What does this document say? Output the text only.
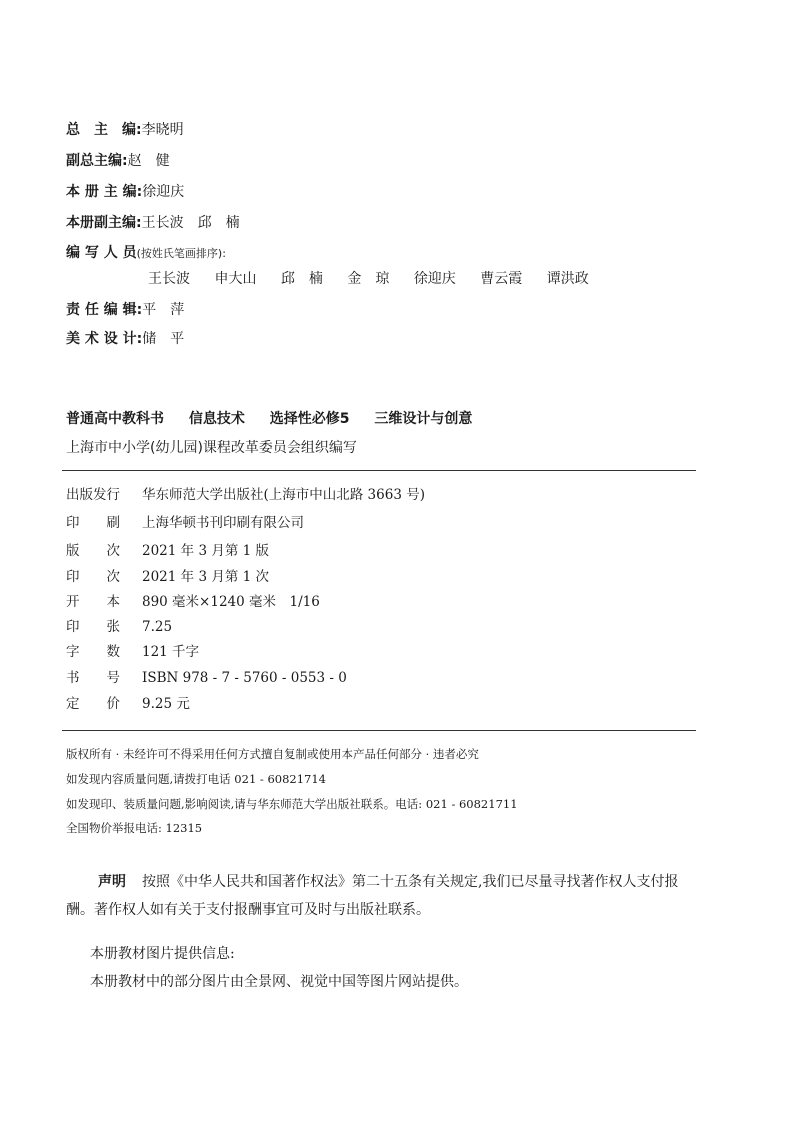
总　主　编:李晓明
副总主编:赵　健
本 册 主 编:徐迎庆
本册副主编:王长波　邱　楠
编 写 人 员(按姓氏笔画排序):
王长波 申大山 邱　楠 金　琼 徐迎庆 曹云霞 谭洪政
责 任 编 辑:平　萍
美 术 设 计:储　平
普通高中教科书 信息技术 选择性必修5 三维设计与创意
上海市中小学(幼儿园)课程改革委员会组织编写
出版发行 华东师范大学出版社(上海市中山北路 3663 号)
印　　刷 上海华顿书刊印刷有限公司
版　　次 2021 年 3 月第 1 版
印　　次 2021 年 3 月第 1 次
开　　本 890 毫米×1240 毫米　1/16
印　　张 7.25
字　　数 121 千字
书　　号 ISBN 978 - 7 - 5760 - 0553 - 0
定　　价 9.25 元
版权所有 · 未经许可不得采用任何方式擅自复制或使用本产品任何部分 · 违者必究
如发现内容质量问题,请拨打电话 021 - 60821714
如发现印、装质量问题,影响阅读,请与华东师范大学出版社联系。电话: 021 - 60821711
全国物价举报电话: 12315
声明 按照《中华人民共和国著作权法》第二十五条有关规定,我们已尽量寻找著作权人支付报酬。著作权人如有关于支付报酬事宜可及时与出版社联系。
本册教材图片提供信息:
本册教材中的部分图片由全景网、视觉中国等图片网站提供。
